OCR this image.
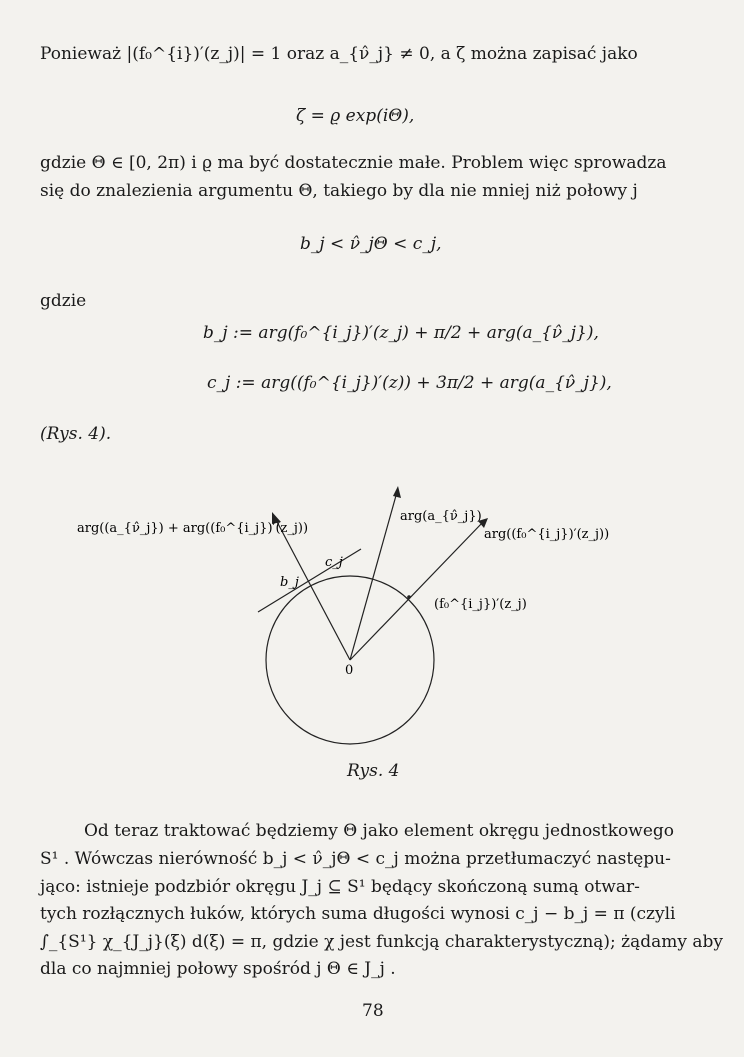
Ponieważ |(f₀^{i})′(z_j)| = 1 oraz a_{ν̂_j} ≠ 0, a ζ można zapisać jako
ζ = ϱ exp(iΘ),
gdzie Θ ∈ [0, 2π) i ϱ ma być dostatecznie małe. Problem więc sprowadza
się do znalezienia argumentu Θ, takiego by dla nie mniej niż połowy j
b_j < ν̂_jΘ < c_j,
gdzie
b_j := arg(f₀^{i_j})′(z_j) + π/2 + arg(a_{ν̂_j}),
c_j := arg((f₀^{i_j})′(z)) + 3π/2 + arg(a_{ν̂_j}),
(Rys. 4).
arg((a_{ν̂_j}) + arg((f₀^{i_j})′(z_j))
arg(a_{ν̂_j})
arg((f₀^{i_j})′(z_j))
(f₀^{i_j})′(z_j)
c_j
b_j
0
Rys. 4
Od teraz traktować będziemy Θ jako element okręgu jednostkowego
S¹ . Wówczas nierówność b_j < ν̂_jΘ < c_j można przetłumaczyć następu-
jąco: istnieje podzbiór okręgu J_j ⊆ S¹ będący skończoną sumą otwar-
tych rozłącznych łuków, których suma długości wynosi c_j − b_j = π (czyli
∫_{S¹} χ_{J_j}(ξ) d(ξ) = π, gdzie χ jest funkcją charakterystyczną); żądamy aby
dla co najmniej połowy spośród j Θ ∈ J_j .
78
